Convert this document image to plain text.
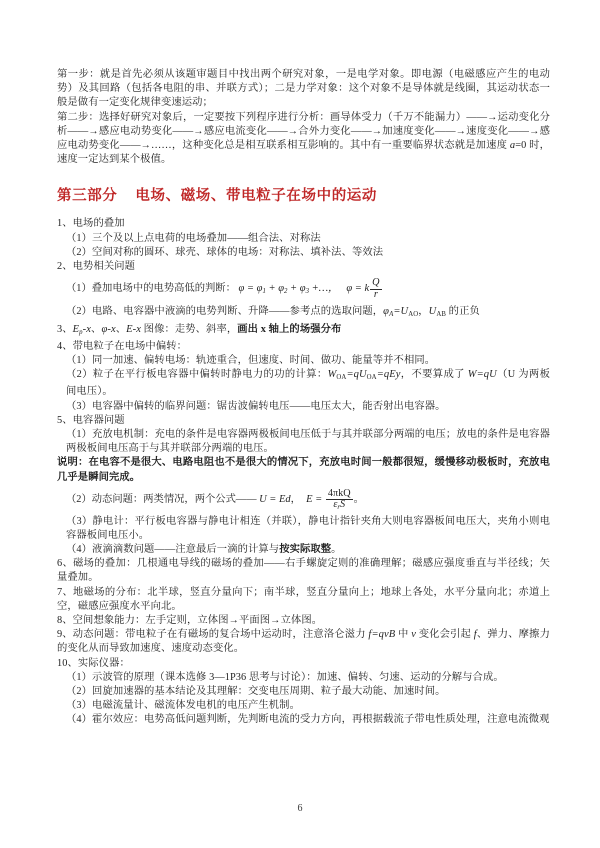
第一步：就是首先必须从该题审题目中找出两个研究对象，一是电学对象。即电源（电磁感应产生的电动势）及其回路（包括各电阻的串、并联方式）；二是力学对象：这个对象不是导体就是线圈，其运动状态一般是做有一定变化规律变速运动；

第二步：选择好研究对象后，一定要按下列程序进行分析：画导体受力（千万不能漏力）——→运动变化分析——→感应电动势变化——→感应电流变化——→合外力变化——→加速度变化——→速度变化——→感应电动势变化——→……，这种变化总是相互联系相互影响的。其中有一重要临界状态就是加速度 a=0 时，速度一定达到某个极值。

第三部分 电场、磁场、带电粒子在场中的运动

1、电场的叠加

（1）三个及以上点电荷的电场叠加——组合法、对称法

（2）空间对称的圆环、球壳、球体的电场：对称法、填补法、等效法

2、电势相关问题

（1）叠加电场中的电势高低的判断： $\varphi = \varphi_1 + \varphi_2 + \varphi_3$ +…， φ = k $\frac{Q}{r}$

（2）电路、电容器中液滴的电势判断、升降——参考点的选取问题，$\varphi_A=U_{AO}$，$U_{AB}$ 的正负

3、$E_p-x$、φ-x、E-x 图像：走势、斜率，画出 x 轴上的场强分布

4、带电粒子在电场中偏转：

（1）同一加速、偏转电场：轨迹重合，但速度、时间、做功、能量等并不相同。

（2）粒子在平行板电容器中偏转时静电力的功的计算：$W_{OA}=qU_{OA}=qEy$，不要算成了 W=qU（U 为两板间电压）。

（3）电容器中偏转的临界问题：锯齿波偏转电压——电压太大，能否射出电容器。

5、电容器问题

（1）充放电机制：充电的条件是电容器两极板间电压低于与其并联部分两端的电压；放电的条件是电容器两极板间电压高于与其并联部分两端的电压。

说明：在电容不是很大、电路电阻也不是很大的情况下，充放电时间一般都很短，缓慢移动极板时，充放电几乎是瞬间完成。

（2）动态问题：两类情况，两个公式—— U = Ed，  $E = \frac{\text{4πkQ}}{\varepsilon_rS}$ 。

（3）静电计：平行板电容器与静电计相连（并联），静电计指针夹角大则电容器板间电压大，夹角小则电容器板间电压小。

（4）液滴滴数问题——注意最后一滴的计算与按实际取整。

6、磁场的叠加：几根通电导线的磁场的叠加——右手螺旋定则的准确理解；磁感应强度垂直与半径线；矢量叠加。

7、地磁场的分布：北半球，竖直分量向下；南半球，竖直分量向上；地球上各处，水平分量向北；赤道上空，磁感应强度水平向北。

8、空间想象能力：左手定则，立体图→平面图→立体图。

9、动态问题：带电粒子在有磁场的复合场中运动时，注意洛仑滋力 f=qvB 中 v 变化会引起 f、弹力、摩擦力的变化从而导致加速度、速度动态变化。

10、实际仪器：

（1）示波管的原理（课本选修 3—1P36 思考与讨论）：加速、偏转、匀速、运动的分解与合成。

（2）回旋加速器的基本结论及其理解：交变电压周期、粒子最大动能、加速时间。

（3）电磁流量计、磁流体发电机的电压产生机制。

（4）霍尔效应：电势高低问题判断，先判断电流的受力方向，再根据载流子带电性质处理，注意电流微观

6
